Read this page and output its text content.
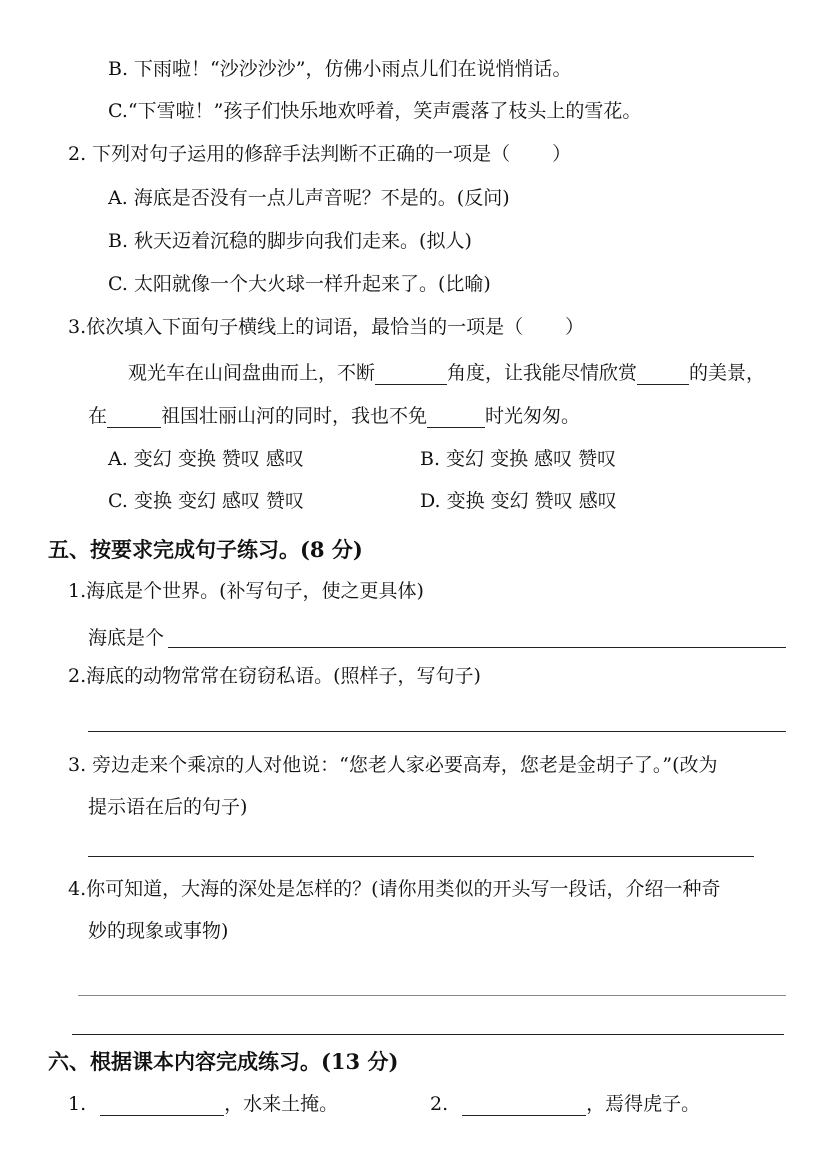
B. 下雨啦！“沙沙沙沙”，仿佛小雨点儿们在说悄悄话。
C.“下雪啦！”孩子们快乐地欢呼着，笑声震落了枝头上的雪花。
2. 下列对句子运用的修辞手法判断不正确的一项是（ ）
A. 海底是否没有一点儿声音呢？不是的。(反问)
B. 秋天迈着沉稳的脚步向我们走来。(拟人)
C. 太阳就像一个大火球一样升起来了。(比喻)
3.依次填入下面句子横线上的词语，最恰当的一项是（ ）
观光车在山间盘曲而上，不断	角度，让我能尽情欣赏	的美景，
在	祖国壮丽山河的同时，我也不免	时光匆匆。
A. 变幻 变换 赞叹 感叹	B. 变幻 变换 感叹 赞叹
C. 变换 变幻 感叹 赞叹	D. 变换 变幻 赞叹 感叹
五、按要求完成句子练习。(8 分)
1.海底是个世界。(补写句子，使之更具体)
海底是个
2.海底的动物常常在窃窃私语。(照样子，写句子)
3. 旁边走来个乘凉的人对他说：“您老人家必要高寿，您老是金胡子了。”(改为
提示语在后的句子)
4.你可知道，大海的深处是怎样的？(请你用类似的开头写一段话，介绍一种奇
妙的现象或事物)
六、根据课本内容完成练习。(13 分)
1.	，水来土掩。	2.	，焉得虎子。
